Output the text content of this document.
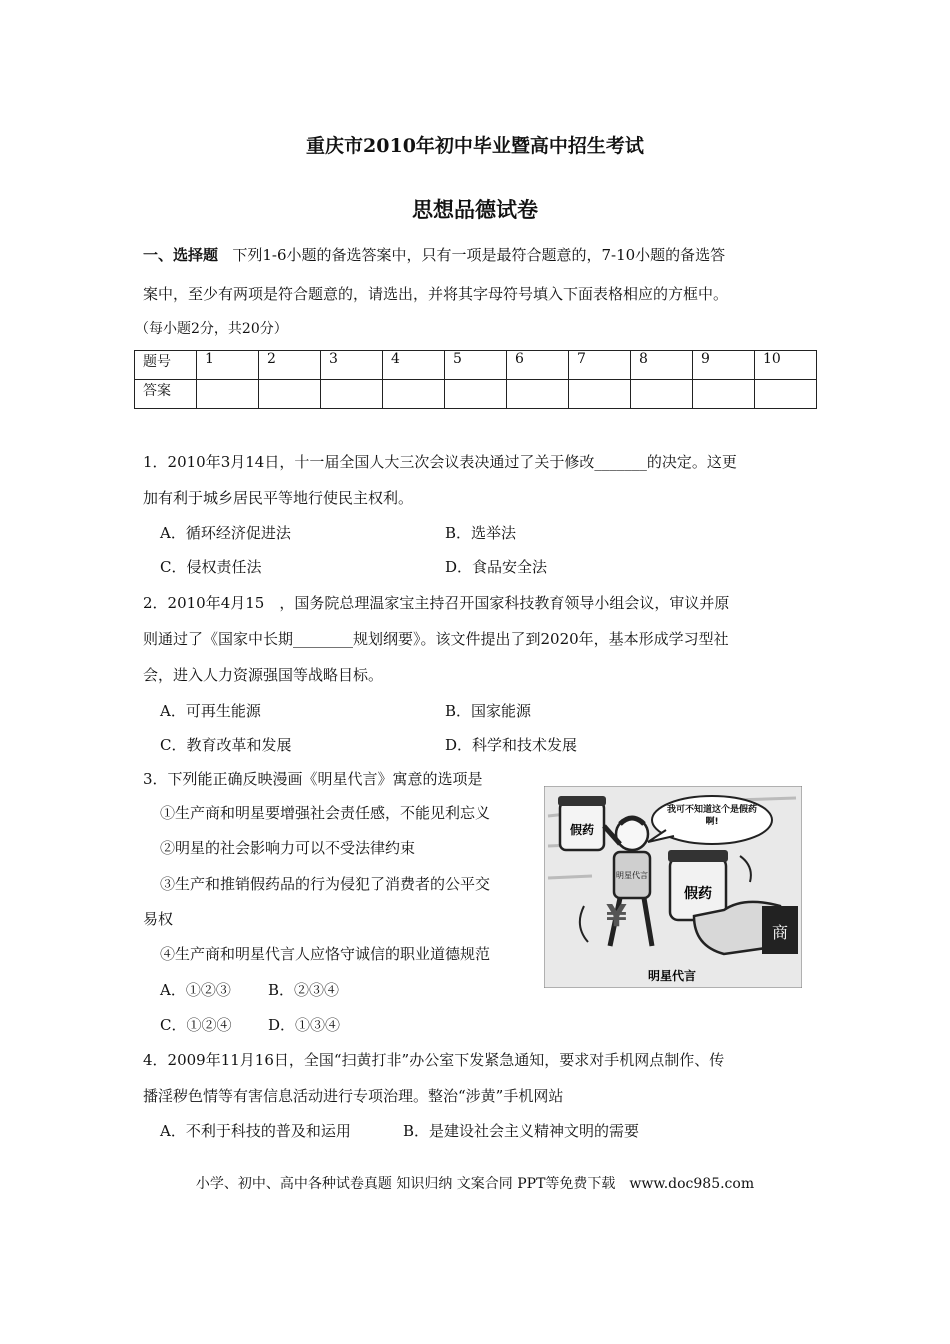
重庆市2010年初中毕业暨高中招生考试
思想品德试卷
一、选择题 下列1-6小题的备选答案中，只有一项是最符合题意的，7-10小题的备选答
案中，至少有两项是符合题意的，请选出，并将其字母符号填入下面表格相应的方框中。
（每小题2分，共20分）
题号	1	2	3	4	5	6	7	8	9	10
答案										
1．2010年3月14日，十一届全国人大三次会议表决通过了关于修改_______的决定。这更
加有利于城乡居民平等地行使民主权利。
A．循环经济促进法	B．选举法
C．侵权责任法	D．食品安全法
2．2010年4月15　，国务院总理温家宝主持召开国家科技教育领导小组会议，审议并原
则通过了《国家中长期________规划纲要》。该文件提出了到2020年，基本形成学习型社
会，进入人力资源强国等战略目标。
A．可再生能源	B．国家能源
C．教育改革和发展	D．科学和技术发展
3．下列能正确反映漫画《明星代言》寓意的选项是
①生产商和明星要增强社会责任感，不能见利忘义
②明星的社会影响力可以不受法律约束
③生产和推销假药品的行为侵犯了消费者的公平交
易权
④生产商和明星代言人应恪守诚信的职业道德规范
A．①②③ B．②③④
C．①②④ D．①③④
假药
明星代言
我可不知道这个是假药啊!
假药
商
¥
明星代言
4．2009年11月16日，全国“扫黄打非”办公室下发紧急通知，要求对手机网点制作、传
播淫秽色情等有害信息活动进行专项治理。整治“涉黄”手机网站
A．不利于科技的普及和运用	B．是建设社会主义精神文明的需要
小学、初中、高中各种试卷真题 知识归纳 文案合同 PPT等免费下载　www.doc985.com
